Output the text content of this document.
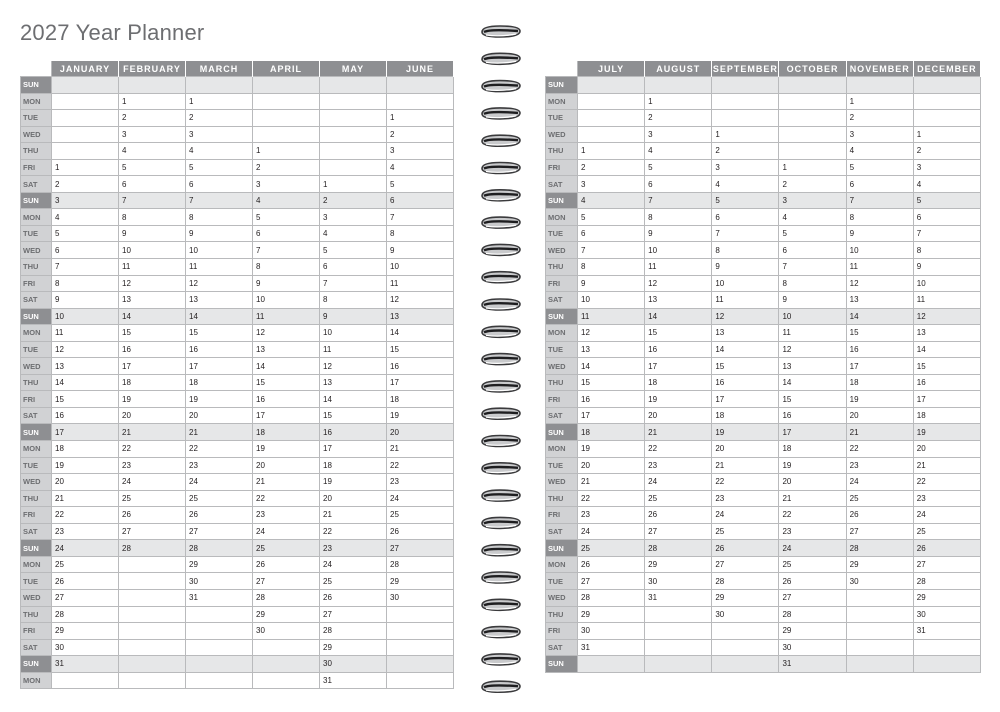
2027 Year Planner
	JANUARY	FEBRUARY	MARCH	APRIL	MAY	JUNE
SUN						
MON		1	1			
TUE		2	2			1
WED		3	3			2
THU		4	4	1		3
FRI	1	5	5	2		4
SAT	2	6	6	3	1	5
SUN	3	7	7	4	2	6
MON	4	8	8	5	3	7
TUE	5	9	9	6	4	8
WED	6	10	10	7	5	9
THU	7	11	11	8	6	10
FRI	8	12	12	9	7	11
SAT	9	13	13	10	8	12
SUN	10	14	14	11	9	13
MON	11	15	15	12	10	14
TUE	12	16	16	13	11	15
WED	13	17	17	14	12	16
THU	14	18	18	15	13	17
FRI	15	19	19	16	14	18
SAT	16	20	20	17	15	19
SUN	17	21	21	18	16	20
MON	18	22	22	19	17	21
TUE	19	23	23	20	18	22
WED	20	24	24	21	19	23
THU	21	25	25	22	20	24
FRI	22	26	26	23	21	25
SAT	23	27	27	24	22	26
SUN	24	28	28	25	23	27
MON	25		29	26	24	28
TUE	26		30	27	25	29
WED	27		31	28	26	30
THU	28			29	27	
FRI	29			30	28	
SAT	30				29	
SUN	31				30	
MON					31	
	JULY	AUGUST	SEPTEMBER	OCTOBER	NOVEMBER	DECEMBER
SUN						
MON		1			1	
TUE		2			2	
WED		3	1		3	1
THU	1	4	2		4	2
FRI	2	5	3	1	5	3
SAT	3	6	4	2	6	4
SUN	4	7	5	3	7	5
MON	5	8	6	4	8	6
TUE	6	9	7	5	9	7
WED	7	10	8	6	10	8
THU	8	11	9	7	11	9
FRI	9	12	10	8	12	10
SAT	10	13	11	9	13	11
SUN	11	14	12	10	14	12
MON	12	15	13	11	15	13
TUE	13	16	14	12	16	14
WED	14	17	15	13	17	15
THU	15	18	16	14	18	16
FRI	16	19	17	15	19	17
SAT	17	20	18	16	20	18
SUN	18	21	19	17	21	19
MON	19	22	20	18	22	20
TUE	20	23	21	19	23	21
WED	21	24	22	20	24	22
THU	22	25	23	21	25	23
FRI	23	26	24	22	26	24
SAT	24	27	25	23	27	25
SUN	25	28	26	24	28	26
MON	26	29	27	25	29	27
TUE	27	30	28	26	30	28
WED	28	31	29	27		29
THU	29		30	28		30
FRI	30			29		31
SAT	31			30		
SUN				31		
